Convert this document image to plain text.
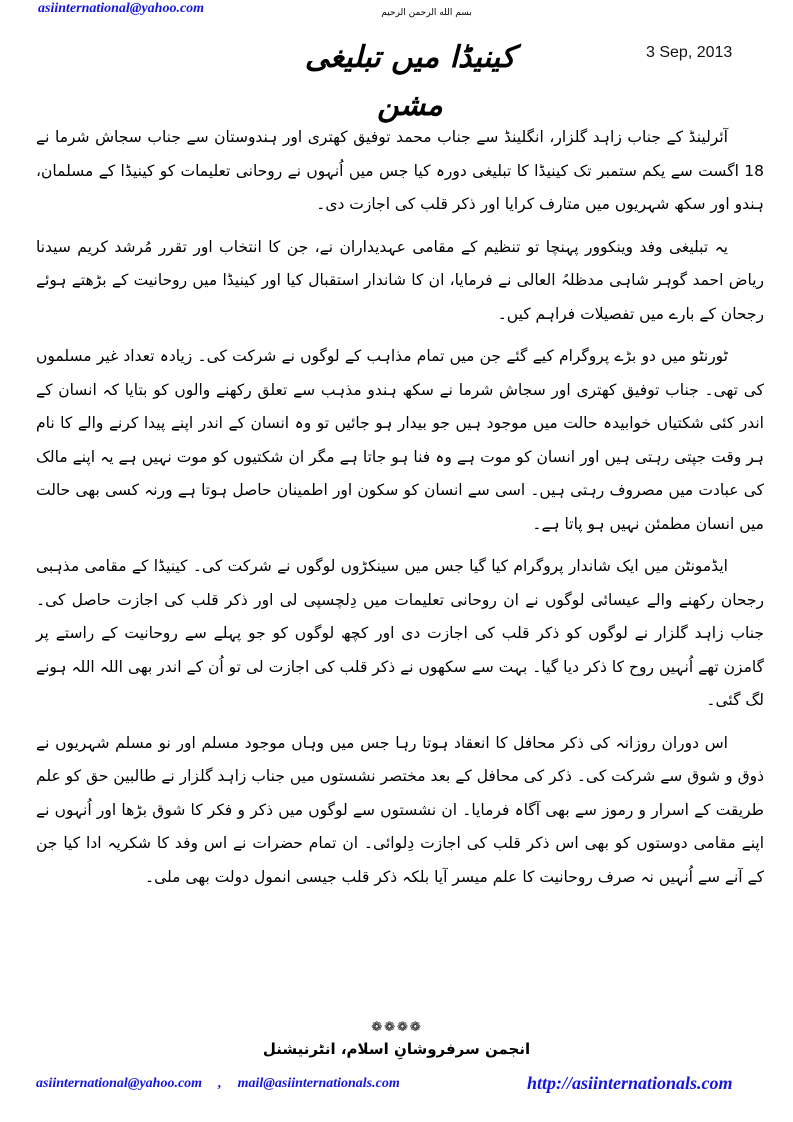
asiinternational@yahoo.com	بسم الله الرحمن الرحیم
کینیڈا میں تبلیغی مشن
3 Sep, 2013

آئرلینڈ کے جناب زاہد گلزار، انگلینڈ سے جناب محمد توفیق کھتری اور ہندوستان سے جناب سجاش شرما نے 18 اگست سے یکم ستمبر تک کینیڈا کا تبلیغی دورہ کیا جس میں اُنہوں نے روحانی تعلیمات کو کینیڈا کے مسلمان، ہندو اور سکھ شہریوں میں متارف کرایا اور ذکر قلب کی اجازت دی۔

یہ تبلیغی وفد وینکوور پہنچا تو تنظیم کے مقامی عہدیداران نے، جن کا انتخاب اور تقرر مُرشد کریم سیدنا ریاض احمد گوہر شاہی مدظلہُ العالی نے فرمایا، ان کا شاندار استقبال کیا اور کینیڈا میں روحانیت کے بڑھتے ہوئے رجحان کے بارے میں تفصیلات فراہم کیں۔

ٹورنٹو میں دو بڑے پروگرام کیے گئے جن میں تمام مذاہب کے لوگوں نے شرکت کی۔ زیادہ تعداد غیر مسلموں کی تھی۔ جناب توفیق کھتری اور سجاش شرما نے سکھ ہندو مذہب سے تعلق رکھنے والوں کو بتایا کہ انسان کے اندر کئی شکتیاں خوابیدہ حالت میں موجود ہیں جو بیدار ہو جائیں تو وہ انسان کے اندر اپنے پیدا کرنے والے کا نام ہر وقت جپتی رہتی ہیں اور انسان کو موت ہے وہ فنا ہو جاتا ہے مگر ان شکتیوں کو موت نہیں ہے یہ اپنے مالک کی عبادت میں مصروف رہتی ہیں۔ اسی سے انسان کو سکون اور اطمینان حاصل ہوتا ہے ورنہ کسی بھی حالت میں انسان مطمئن نہیں ہو پاتا ہے۔

ایڈمونٹن میں ایک شاندار پروگرام کیا گیا جس میں سینکڑوں لوگوں نے شرکت کی۔ کینیڈا کے مقامی مذہبی رجحان رکھنے والے عیسائی لوگوں نے ان روحانی تعلیمات میں دِلچسپی لی اور ذکر قلب کی اجازت حاصل کی۔ جناب زاہد گلزار نے لوگوں کو ذکر قلب کی اجازت دی اور کچھ لوگوں کو جو پہلے سے روحانیت کے راستے پر گامزن تھے اُنہیں روح کا ذکر دیا گیا۔ بہت سے سکھوں نے ذکر قلب کی اجازت لی تو اُن کے اندر بھی اللہ اللہ ہونے لگ گئی۔

اس دوران روزانہ کی ذکر محافل کا انعقاد ہوتا رہا جس میں وہاں موجود مسلم اور نو مسلم شہریوں نے ذوق و شوق سے شرکت کی۔ ذکر کی محافل کے بعد مختصر نشستوں میں جناب زاہد گلزار نے طالبین حق کو علم طریقت کے اسرار و رموز سے بھی آگاہ فرمایا۔ ان نشستوں سے لوگوں میں ذکر و فکر کا شوق بڑھا اور اُنہوں نے اپنے مقامی دوستوں کو بھی اس ذکر قلب کی اجازت دِلوائی۔ ان تمام حضرات نے اس وفد کا شکریہ ادا کیا جن کے آنے سے اُنہیں نہ صرف روحانیت کا علم میسر آیا بلکہ ذکر قلب جیسی انمول دولت بھی ملی۔

❁❁❁❁
انجمن سرفروشانِ اسلام، انٹرنیشنل
asiinternational@yahoo.com , mail@asiinternationals.com	http://asiinternationals.com
